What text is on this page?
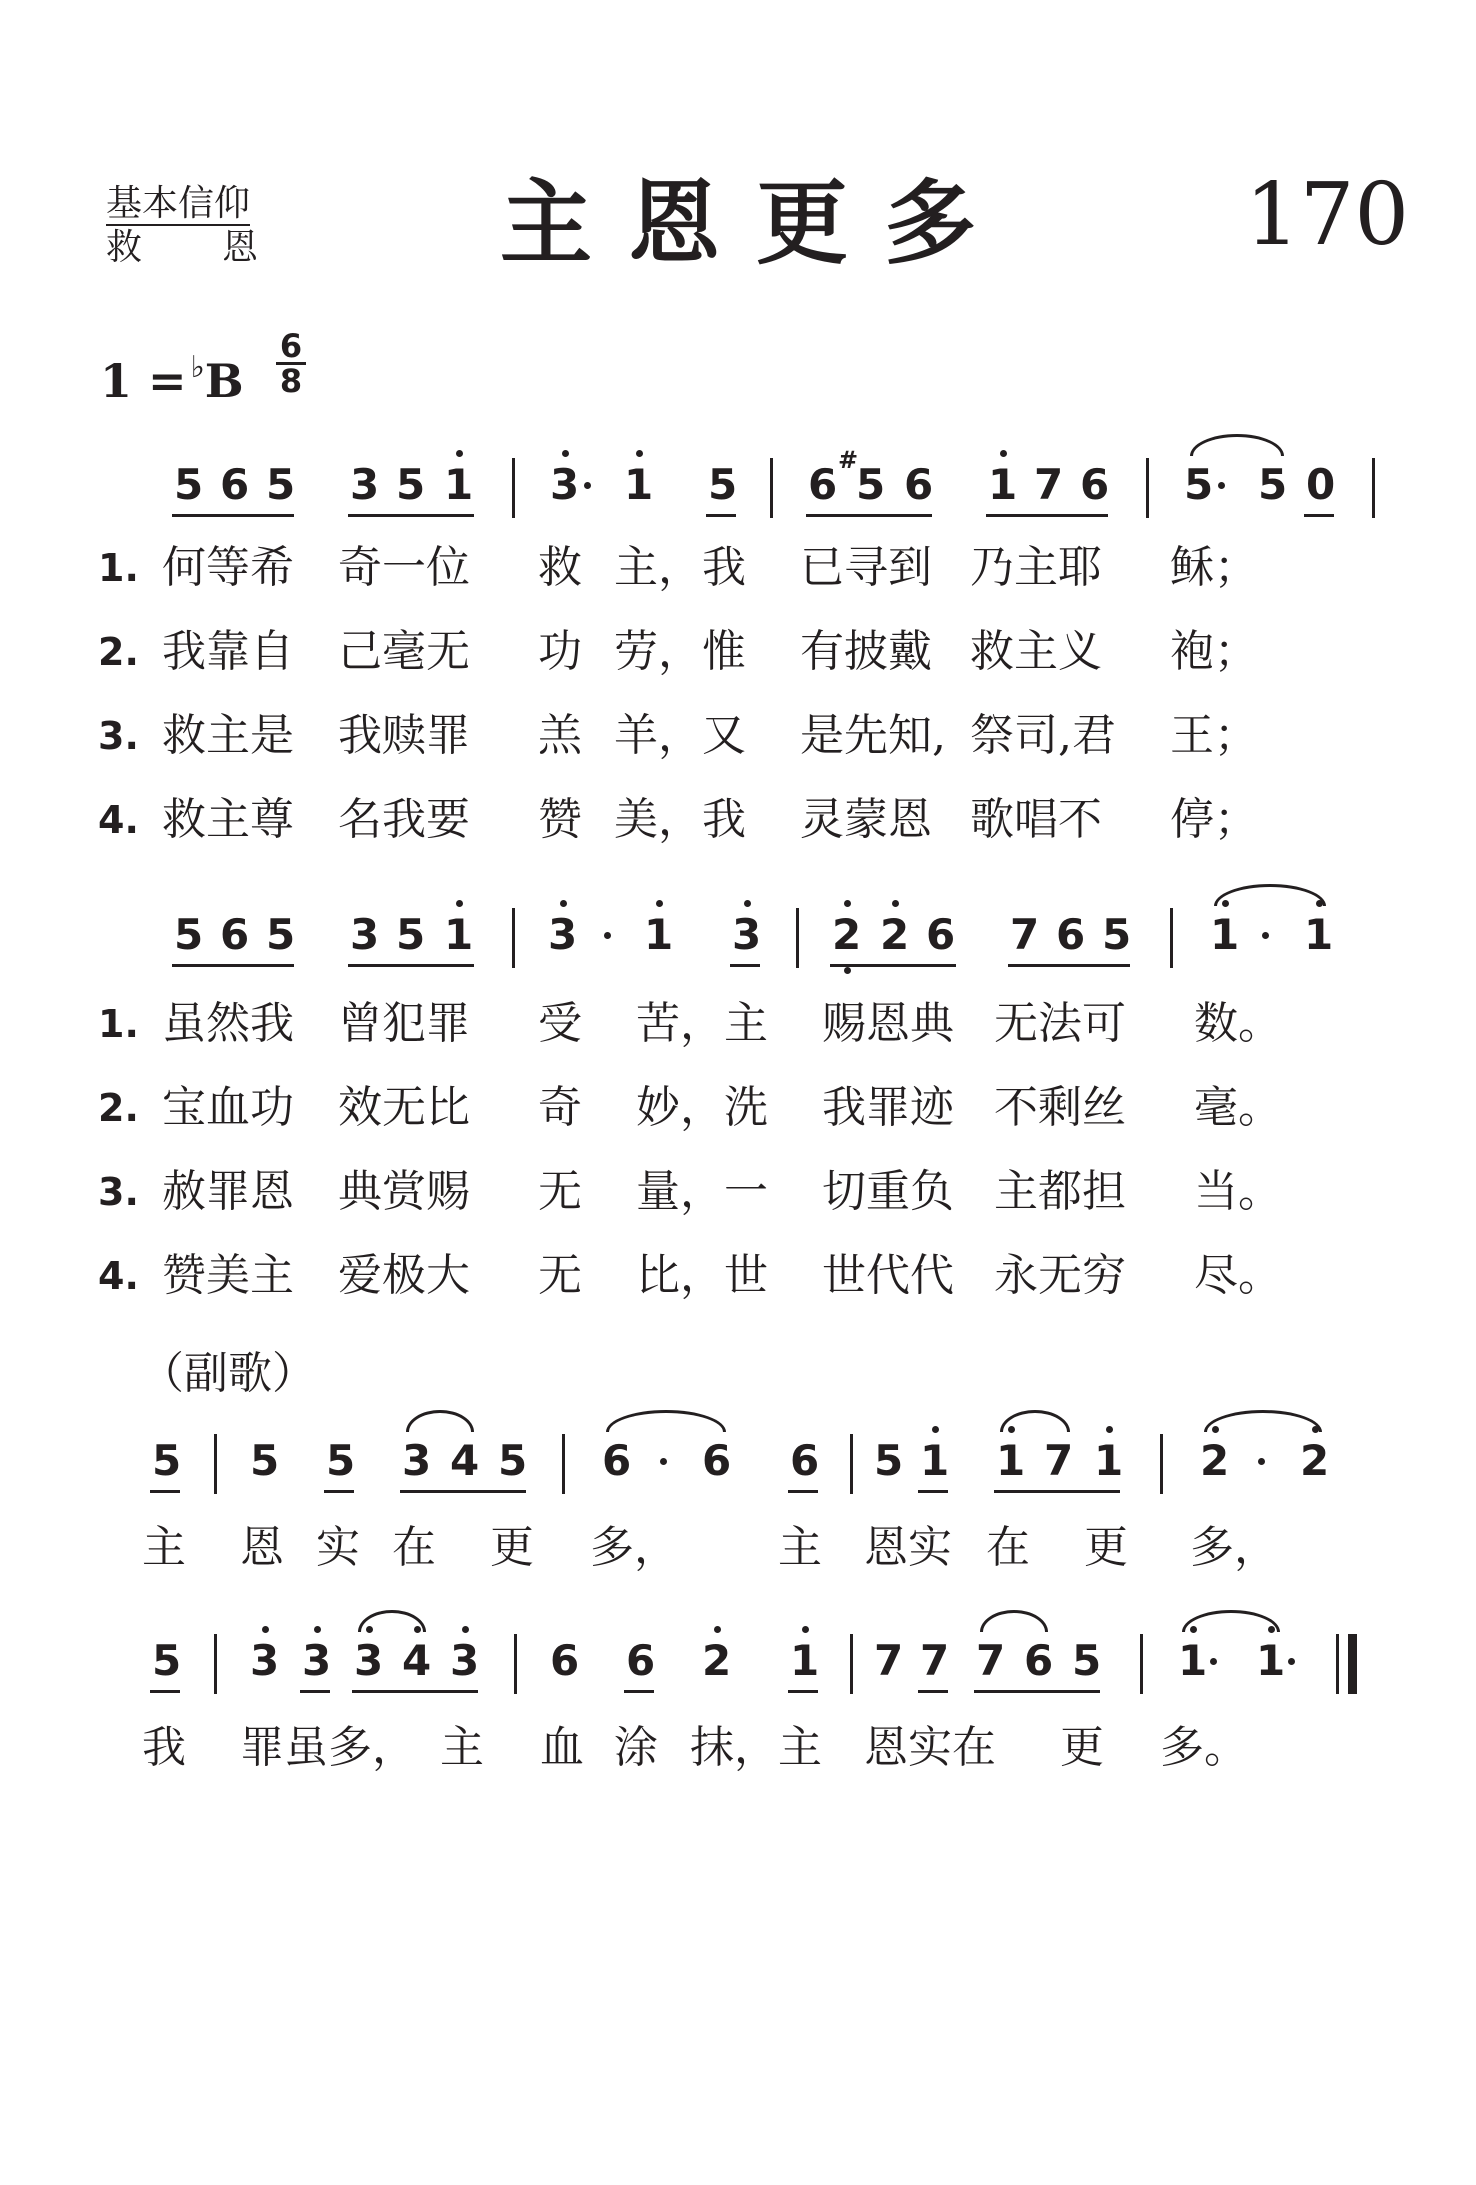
基本信仰
救 恩	主恩更多	170
1 = ♭B
6
8
5 6 5 3 5 1 3 1 5 6 #
5 6 1 7 6 5 5 0
1. 何等希 奇一位 救 主，我 已寻到 乃主耶 稣；
2. 我靠自 己毫无 功 劳，惟 有披戴 救主义 袍；
3. 救主是 我赎罪 羔 羊，又 是先知, 祭司,君 王；
4. 救主尊 名我要 赞 美，我 灵蒙恩 歌唱不 停；
5 6 5 3 5 1 3 1 3 2 2 6 7 6 5 1 1
1. 虽然我 曾犯罪 受 苦，主 赐恩典 无法可 数。
2. 宝血功 效无比 奇 妙，洗 我罪迹 不剩丝 毫。
3. 赦罪恩 典赏赐 无 量，一 切重负 主都担 当。
4. 赞美主 爱极大 无 比，世 世代代 永无穷 尽。
（副歌）
5 5 5 3 4 5 6 6 6 5 1 1 7 1 2 2
主 恩 实 在 更 多， 主 恩实 在 更 多，
5 3 3 3 4 3 6 6 2 1 7 7 7 6 5 1 1
我 罪虽多， 主 血 涂 抹，主 恩实在 更 多。
